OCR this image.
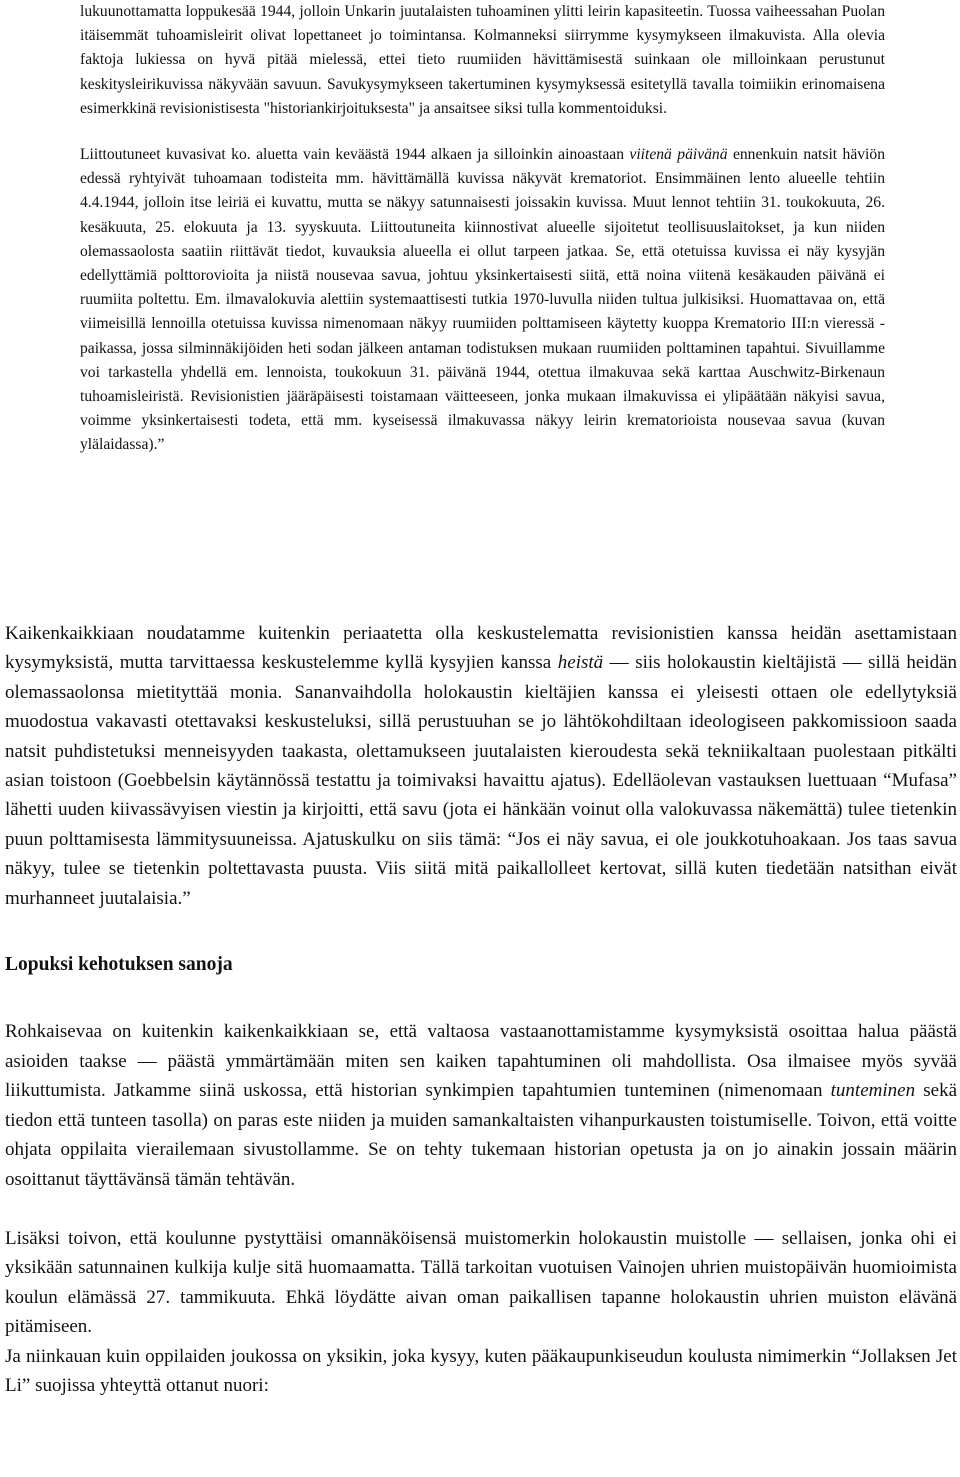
lukuunottamatta loppukesää 1944, jolloin Unkarin juutalaisten tuhoaminen ylitti leirin kapasiteetin. Tuossa vaiheessahan Puolan itäisemmät tuhoamisleirit olivat lopettaneet jo toimintansa. Kolmanneksi siirrymme kysymykseen ilmakuvista. Alla olevia faktoja lukiessa on hyvä pitää mielessä, ettei tieto ruumiiden hävittämisestä suinkaan ole milloinkaan perustunut keskitysleirikuvissa näkyvään savuun. Savukysymykseen takertuminen kysymyksessä esitetyllä tavalla toimiikin erinomaisena esimerkkinä revisionistisesta "historiankirjoituksesta" ja ansaitsee siksi tulla kommentoiduksi.

Liittoutuneet kuvasivat ko. aluetta vain keväästä 1944 alkaen ja silloinkin ainoastaan viitenä päivänä ennenkuin natsit häviön edessä ryhtyivät tuhoamaan todisteita mm. hävittämällä kuvissa näkyvät krematoriot. Ensimmäinen lento alueelle tehtiin 4.4.1944, jolloin itse leiriä ei kuvattu, mutta se näkyy satunnaisesti joissakin kuvissa. Muut lennot tehtiin 31. toukokuuta, 26. kesäkuuta, 25. elokuuta ja 13. syyskuuta. Liittoutuneita kiinnostivat alueelle sijoitetut teollisuuslaitokset, ja kun niiden olemassaolosta saatiin riittävät tiedot, kuvauksia alueella ei ollut tarpeen jatkaa. Se, että otetuissa kuvissa ei näy kysyjän edellyttämiä polttorovioita ja niistä nousevaa savua, johtuu yksinkertaisesti siitä, että noina viitenä kesäkauden päivänä ei ruumiita poltettu. Em. ilmavalokuvia alettiin systemaattisesti tutkia 1970-luvulla niiden tultua julkisiksi. Huomattavaa on, että viimeisillä lennoilla otetuissa kuvissa nimenomaan näkyy ruumiiden polttamiseen käytetty kuoppa Krematorio III:n vieressä - paikassa, jossa silminnäkijöiden heti sodan jälkeen antaman todistuksen mukaan ruumiiden polttaminen tapahtui. Sivuillamme voi tarkastella yhdellä em. lennoista, toukokuun 31. päivänä 1944, otettua ilmakuvaa sekä karttaa Auschwitz-Birkenaun tuhoamisleiristä. Revisionistien jääräpäisesti toistamaan väitteeseen, jonka mukaan ilmakuvissa ei ylipäätään näkyisi savua, voimme yksinkertaisesti todeta, että mm. kyseisessä ilmakuvassa näkyy leirin krematorioista nousevaa savua (kuvan ylälaidassa).”

Kaikenkaikkiaan noudatamme kuitenkin periaatetta olla keskustelematta revisionistien kanssa heidän asettamistaan kysymyksistä, mutta tarvittaessa keskustelemme kyllä kysyjien kanssa heistä — siis holokaustin kieltäjistä — sillä heidän olemassaolonsa mietityttää monia. Sananvaihdolla holokaustin kieltäjien kanssa ei yleisesti ottaen ole edellytyksiä muodostua vakavasti otettavaksi keskusteluksi, sillä perustuuhan se jo lähtökohdiltaan ideologiseen pakkomissioon saada natsit puhdistetuksi menneisyyden taakasta, olettamukseen juutalaisten kieroudesta sekä tekniikaltaan puolestaan pitkälti asian toistoon (Goebbelsin käytännössä testattu ja toimivaksi havaittu ajatus). Edelläolevan vastauksen luettuaan “Mufasa” lähetti uuden kiivassävyisen viestin ja kirjoitti, että savu (jota ei hänkään voinut olla valokuvassa näkemättä) tulee tietenkin puun polttamisesta lämmitysuuneissa. Ajatuskulku on siis tämä: “Jos ei näy savua, ei ole joukkotuhoakaan. Jos taas savua näkyy, tulee se tietenkin poltettavasta puusta. Viis siitä mitä paikallolleet kertovat, sillä kuten tiedetään natsithan eivät murhanneet juutalaisia.”

Lopuksi kehotuksen sanoja

Rohkaisevaa on kuitenkin kaikenkaikkiaan se, että valtaosa vastaanottamistamme kysymyksistä osoittaa halua päästä asioiden taakse — päästä ymmärtämään miten sen kaiken tapahtuminen oli mahdollista. Osa ilmaisee myös syvää liikuttumista. Jatkamme siinä uskossa, että historian synkimpien tapahtumien tunteminen (nimenomaan tunteminen sekä tiedon että tunteen tasolla) on paras este niiden ja muiden samankaltaisten vihanpurkausten toistumiselle. Toivon, että voitte ohjata oppilaita vierailemaan sivustollamme. Se on tehty tukemaan historian opetusta ja on jo ainakin jossain määrin osoittanut täyttävänsä tämän tehtävän.

Lisäksi toivon, että koulunne pystyttäisi omannäköisensä muistomerkin holokaustin muistolle — sellaisen, jonka ohi ei yksikään satunnainen kulkija kulje sitä huomaamatta. Tällä tarkoitan vuotuisen Vainojen uhrien muistopäivän huomioimista koulun elämässä 27. tammikuuta. Ehkä löydätte aivan oman paikallisen tapanne holokaustin uhrien muiston elävänä pitämiseen.

Ja niinkauan kuin oppilaiden joukossa on yksikin, joka kysyy, kuten pääkaupunkiseudun koulusta nimimerkin “Jollaksen Jet Li” suojissa yhteyttä ottanut nuori:
